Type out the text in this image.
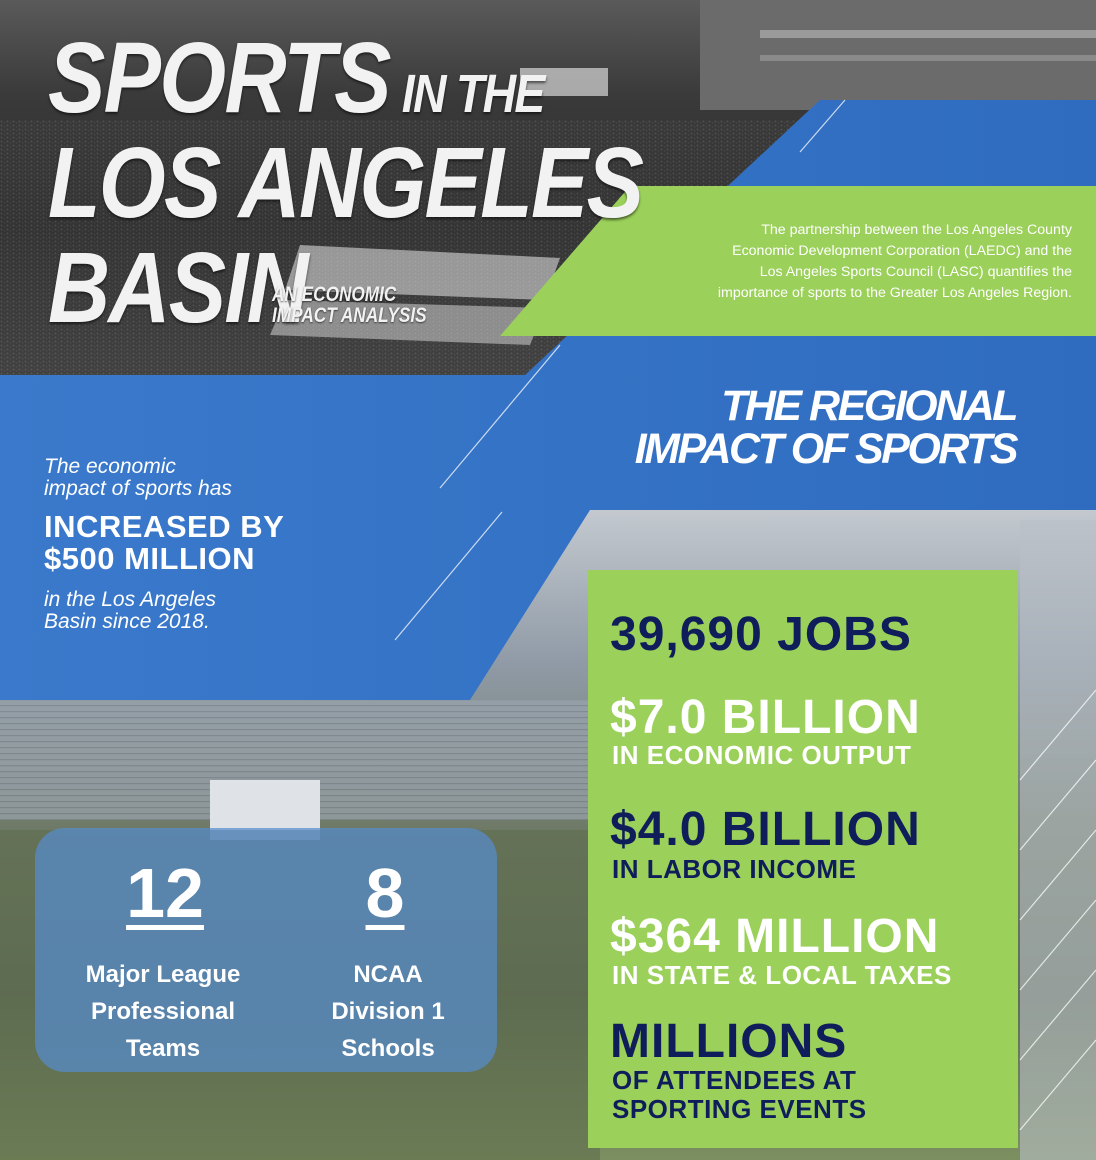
SPORTS IN THE
LOS ANGELES
BASIN
AN ECONOMIC
IMPACT ANALYSIS
The partnership between the Los Angeles County
Economic Development Corporation (LAEDC) and the
Los Angeles Sports Council (LASC) quantifies the
importance of sports to the Greater Los Angeles Region.
THE REGIONAL
IMPACT OF SPORTS
The economic
impact of sports has
INCREASED BY
$500 MILLION
in the Los Angeles
Basin since 2018.	39,690 JOBS
$7.0 BILLION
IN ECONOMIC OUTPUT
$4.0 BILLION
IN LABOR INCOME
$364 MILLION
IN STATE & LOCAL TAXES
MILLIONS
OF ATTENDEES AT
SPORTING EVENTS
12
Major League
Professional
Teams
8
NCAA
Division 1
Schools
